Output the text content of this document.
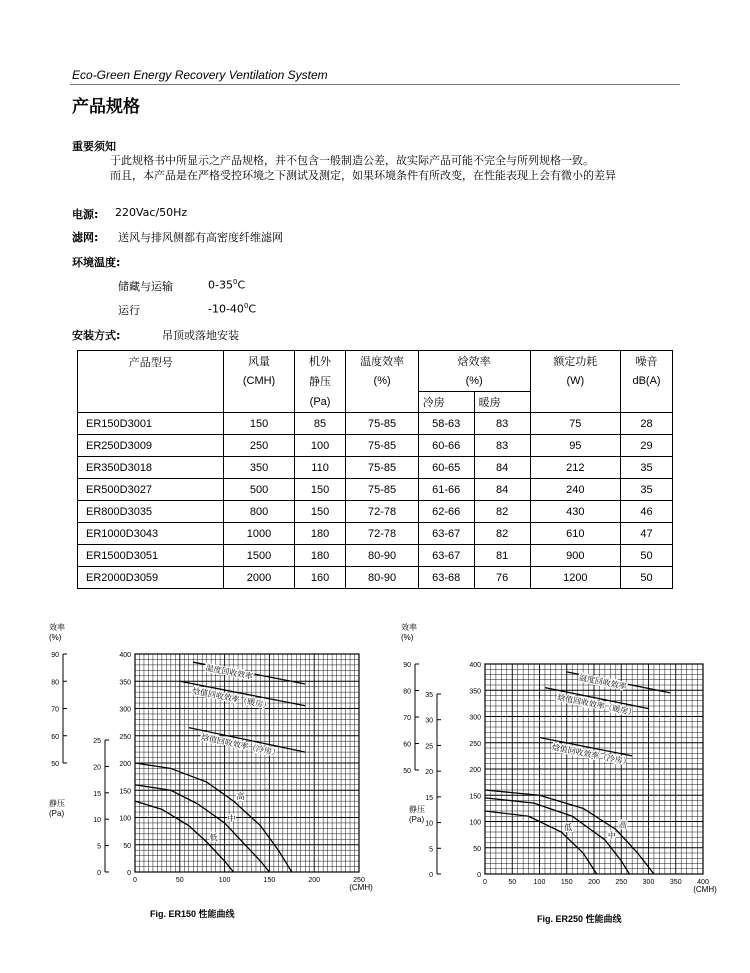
Eco-Green Energy Recovery Ventilation System
产品规格
重要须知
于此规格书中所显示之产品规格，并不包含一般制造公差，故实际产品可能不完全与所列规格一致。
而且，本产品是在严格受控环境之下测试及测定，如果环境条件有所改变，在性能表现上会有微小的差异
电源: 220Vac/50Hz
滤网: 送风与排风侧都有高密度纤维滤网
环境温度:
储藏与运输	$0-35^0C$
运行	$-10-40^0C$
安装方式:	吊顶或落地安装
产品型号	风量	机外	温度效率	焓效率		额定功耗	噪音
	(CMH)	静压	(%)	(%)		(W)	dB(A)
		(Pa)		冷房	暖房		
ER150D3001	150	85	75-85	58-63	83	75	28
ER250D3009	250	100	75-85	60-66	83	95	29
ER350D3018	350	110	75-85	60-65	84	212	35
ER500D3027	500	150	75-85	61-66	84	240	35
ER800D3035	800	150	72-78	62-66	82	430	46
ER1000D3043	1000	180	72-78	63-67	82	610	47
ER1500D3051	1500	180	80-90	63-67	81	900	50
ER2000D3059	2000	160	80-90	63-68	76	1200	50
0
50
100
150
200
250
300
350
400
0	50	100	150	200	250
(CMH)
90
80
70
60
50
效率
(%)
25
20
15
10
5
0
静压
(Pa)
温度回收效率
焓值回收效率（暖房）
焓值回收效率（冷房）
高
中
低
Fig. ER150 性能曲线
0
50
100
150
200
250
300
350
400
0	50	100 150 200 250 300 350 400
(CMH)
90
80
70
60
50
效率
(%)
35
30
25
20
15
10
5
0
静压
(Pa)
温度回收效率
焓值回收效率（暖房）
焓值回收效率（冷房）
高
中
低
Fig. ER250 性能曲线
